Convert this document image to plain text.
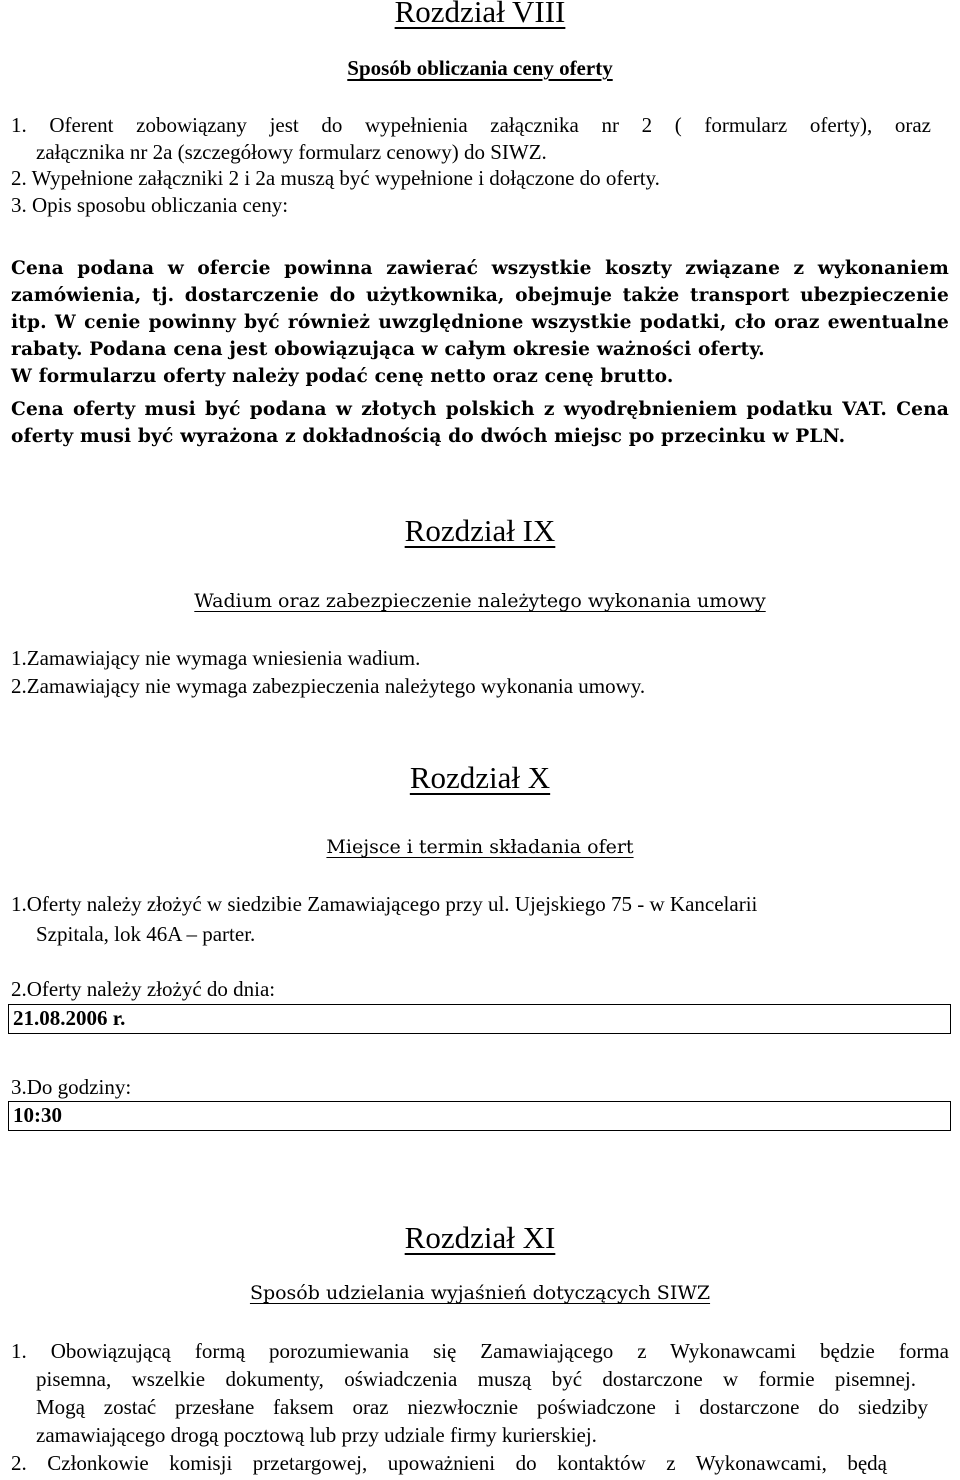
Rozdział VIII
Sposób obliczania ceny oferty
1. Oferent zobowiązany jest do wypełnienia załącznika nr 2 ( formularz oferty), oraz
załącznika nr 2a (szczegółowy formularz cenowy) do SIWZ.
2. Wypełnione załączniki 2 i 2a muszą być wypełnione i dołączone do oferty.
3. Opis sposobu obliczania ceny:
Cena podana w ofercie powinna zawierać wszystkie koszty związane z wykonaniem
zamówienia, tj. dostarczenie do użytkownika, obejmuje także transport ubezpieczenie
itp. W cenie powinny być również uwzględnione wszystkie podatki, cło oraz ewentualne
rabaty. Podana cena jest obowiązująca w całym okresie ważności oferty.
W formularzu oferty należy podać cenę netto oraz cenę brutto.
Cena oferty musi być podana w złotych polskich z wyodrębnieniem podatku VAT. Cena
oferty musi być wyrażona z dokładnością do dwóch miejsc po przecinku w PLN.
Rozdział IX
Wadium oraz zabezpieczenie należytego wykonania umowy
1.Zamawiający nie wymaga wniesienia wadium.
2.Zamawiający nie wymaga zabezpieczenia należytego wykonania umowy.
Rozdział X
Miejsce i termin składania ofert
1.Oferty należy złożyć w siedzibie Zamawiającego przy ul. Ujejskiego 75 - w Kancelarii
Szpitala, lok 46A – parter.
2.Oferty należy złożyć do dnia:
21.08.2006 r.
3.Do godziny:
10:30
Rozdział XI
Sposób udzielania wyjaśnień dotyczących SIWZ
1. Obowiązującą formą porozumiewania się Zamawiającego z Wykonawcami będzie forma
pisemna, wszelkie dokumenty, oświadczenia muszą być dostarczone w formie pisemnej.
Mogą zostać przesłane faksem oraz niezwłocznie poświadczone i dostarczone do siedziby
zamawiającego drogą pocztową lub przy udziale firmy kurierskiej.
2. Członkowie komisji przetargowej, upoważnieni do kontaktów z Wykonawcami, będą
